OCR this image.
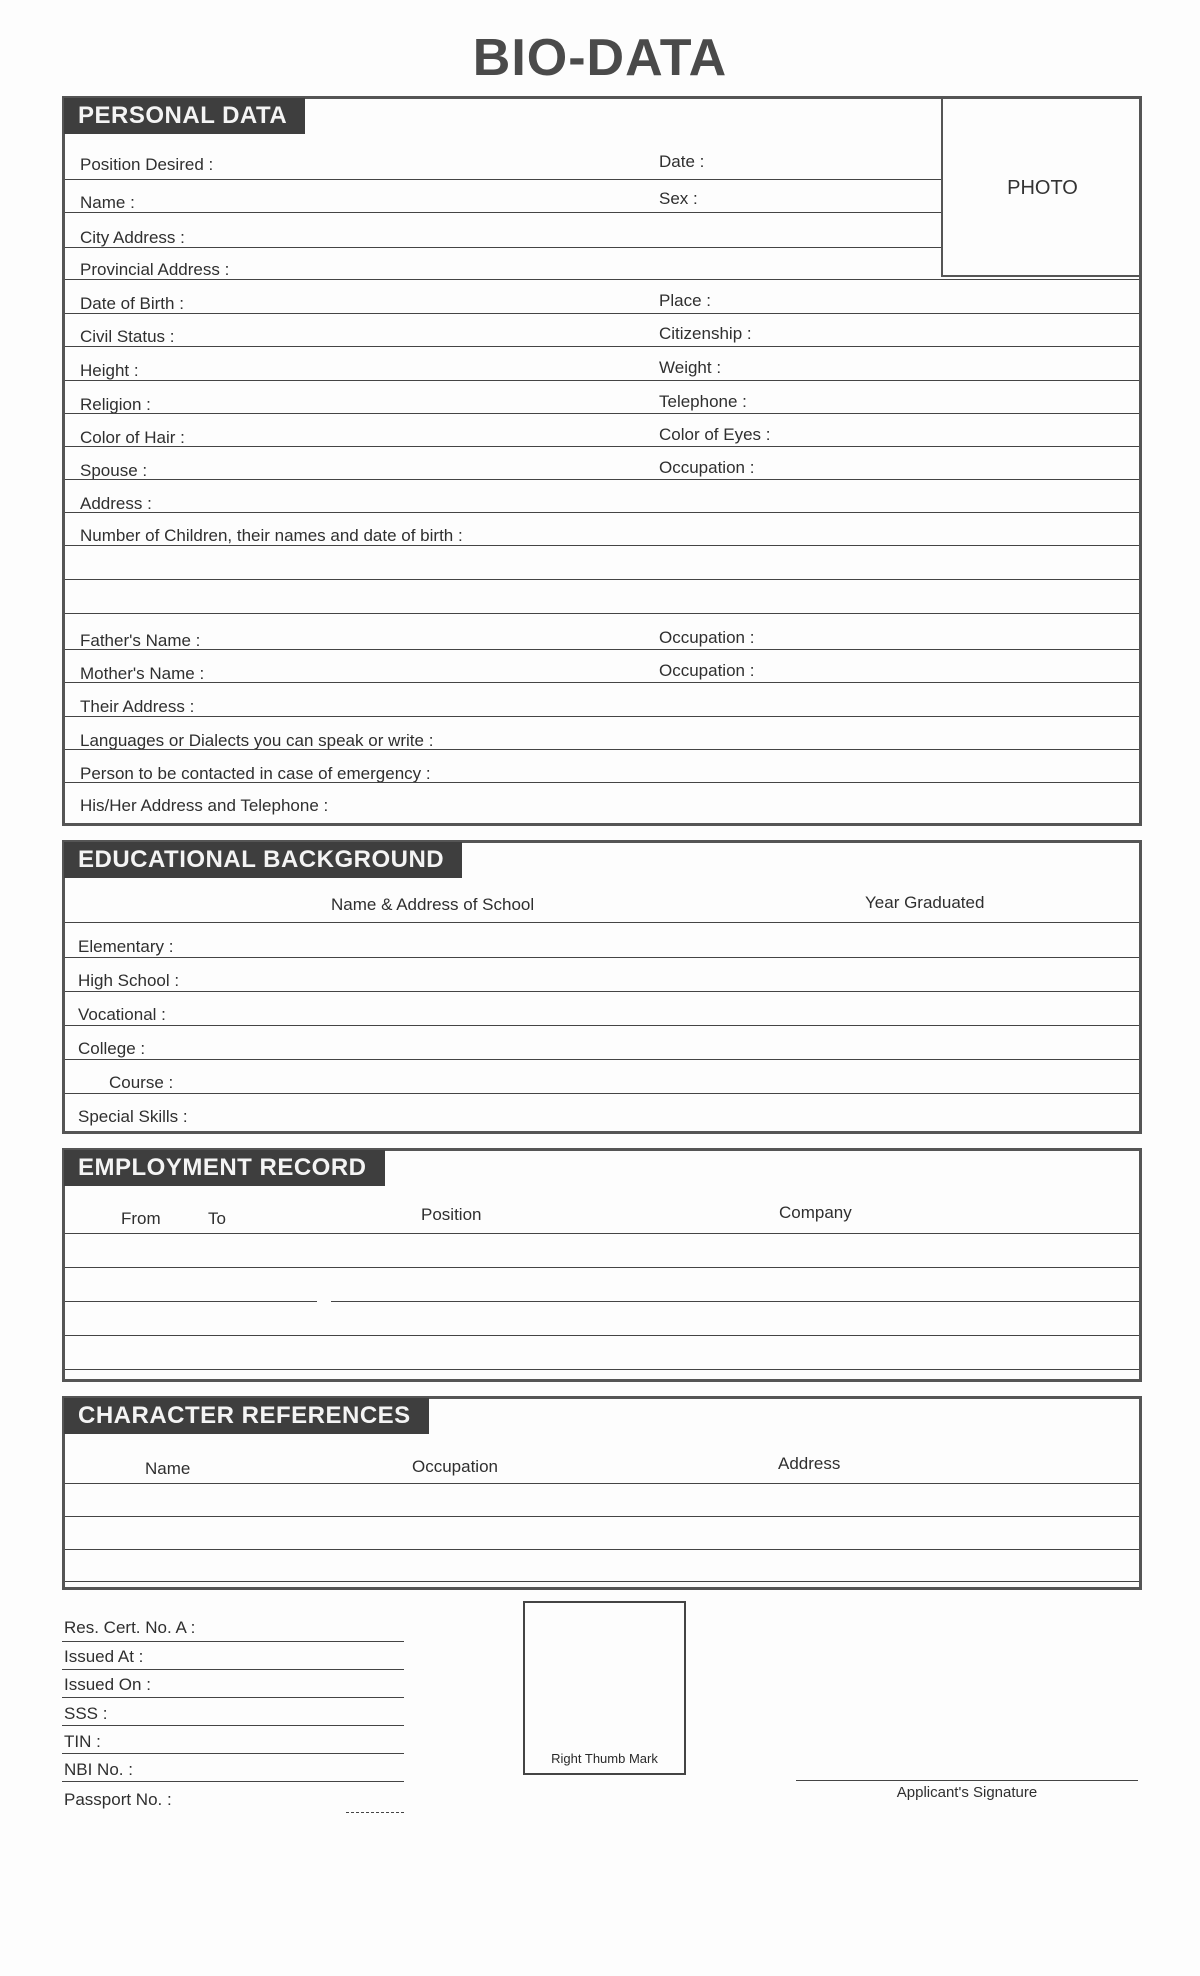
BIO-DATA
PERSONAL DATA
PHOTO
Position Desired :	Date :
Name :	Sex :
City Address :
Provincial Address :
Date of Birth :	Place :
Civil Status :	Citizenship :
Height :	Weight :
Religion :	Telephone :
Color of Hair :	Color of Eyes :
Spouse :	Occupation :
Address :
Number of Children, their names and date of birth :
Father's Name :	Occupation :
Mother's Name :	Occupation :
Their Address :
Languages or Dialects you can speak or write :
Person to be contacted in case of emergency :
His/Her Address and Telephone :
EDUCATIONAL BACKGROUND
Name & Address of School	Year Graduated
Elementary :
High School :
Vocational :
College :
Course :
Special Skills :
EMPLOYMENT RECORD
From	To	Position	Company
CHARACTER REFERENCES
Name	Occupation	Address
Res. Cert. No. A :
Issued At :
Issued On :
SSS :
TIN :
NBI No. :
Passport No. :
Right Thumb Mark
Applicant's Signature
